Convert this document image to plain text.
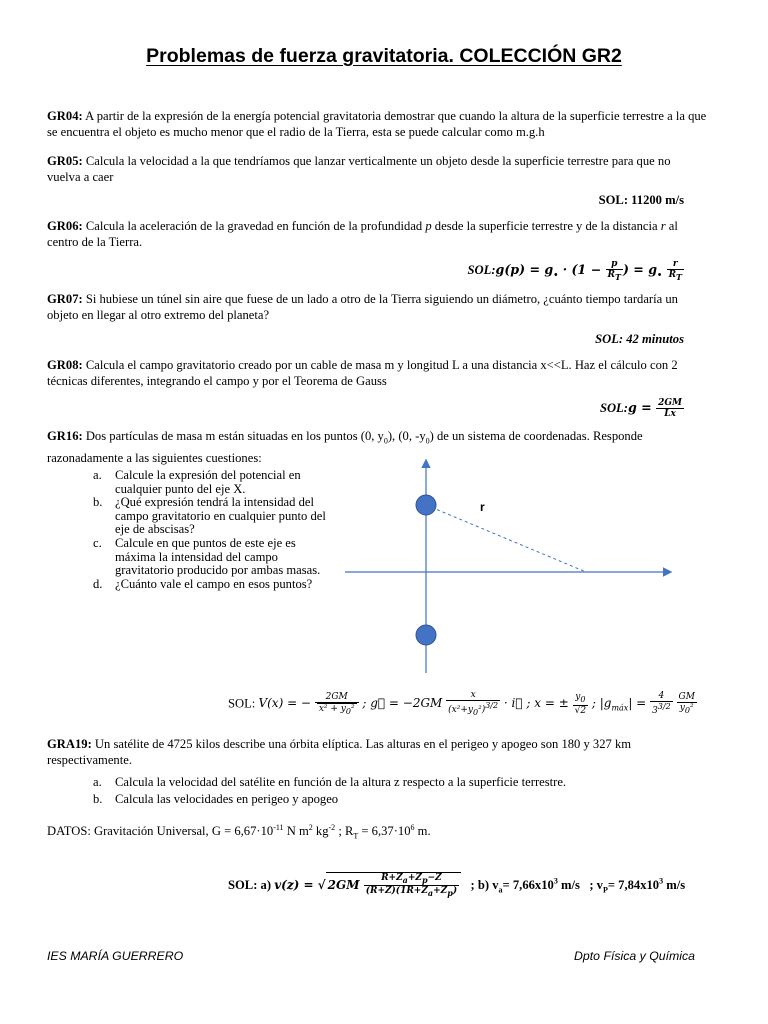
Problemas de fuerza gravitatoria. COLECCIÓN GR2

GR04: A partir de la expresión de la energía potencial gravitatoria demostrar que cuando la altura de la superficie terrestre a la que se encuentra el objeto es mucho menor que el radio de la Tierra, esta se puede calcular como m.g.h

GR05: Calcula la velocidad a la que tendríamos que lanzar verticalmente un objeto desde la superficie terrestre para que no vuelva a caer

SOL: 11200 m/s

GR06: Calcula la aceleración de la gravedad en función de la profundidad p desde la superficie terrestre y de la distancia r al centro de la Tierra.

SOL:g(p) = $g_• \cdot (1 - \frac{p}{R_T}$ ) = $g_• \frac{r}{R_T}$

GR07: Si hubiese un túnel sin aire que fuese de un lado a otro de la Tierra siguiendo un diámetro, ¿cuánto tiempo tardaría un objeto en llegar al otro extremo del planeta?

SOL: 42 minutos

GR08: Calcula el campo gravitatorio creado por un cable de masa m y longitud L a una distancia x<<L. Haz el cálculo con 2 técnicas diferentes, integrando el campo y por el Teorema de Gauss

SOL:g = $\frac{2GM}{Lx}$

GR16: Dos partículas de masa m están situadas en los puntos (0, $y_0$), (0, $-y_0$) de un sistema de coordenadas. Responde razonadamente a las siguientes cuestiones:

a.	Calcule la expresión del potencial en cualquier punto del eje X.
b. ¿Qué expresión tendrá la intensidad del campo gravitatorio en cualquier punto del eje de abscisas?
c.	Calcule en que puntos de este eje es máxima la intensidad del campo gravitatorio producido por ambas masas.
d. ¿Cuánto vale el campo en esos puntos?
r
SOL: V(x) = − $\frac{2GM}{x^2 + y_0^2}$ ; g⃗ = $-2GM \frac{x}{(x^2+y_0^2)^{3/2}}$ · i⃗ ; x = ± $\frac{y_0}{√2}$ ; $|g_{máx}| = \frac{4}{3^{3/2}}$
$\frac{GM}{y_0^2}$

GRA19: Un satélite de 4725 kilos describe una órbita elíptica. Las alturas en el perigeo y apogeo son 180 y 327 km respectivamente.

a.	Calcula la velocidad del satélite en función de la altura z respecto a la superficie terrestre.
b. Calcula las velocidades en perigeo y apogeo

DATOS: Gravitación Universal, $G = 6,67\cdot 10^{-11}$ N $m^2$ $kg^{-2}$ ; $R_T = 6,37\cdot 10^6$ m.

SOL: a) v(z) = √ $2GM \frac{R+Z_a+Z_p-Z}{(R+Z)(1R+Z_a+Z_p)}$ ; b) $v_a= 7,66x10^3$ m/s ; $v_P= 7,84x10^3$ m/s
IES MARÍA GUERRERO	Dpto Física y Química
